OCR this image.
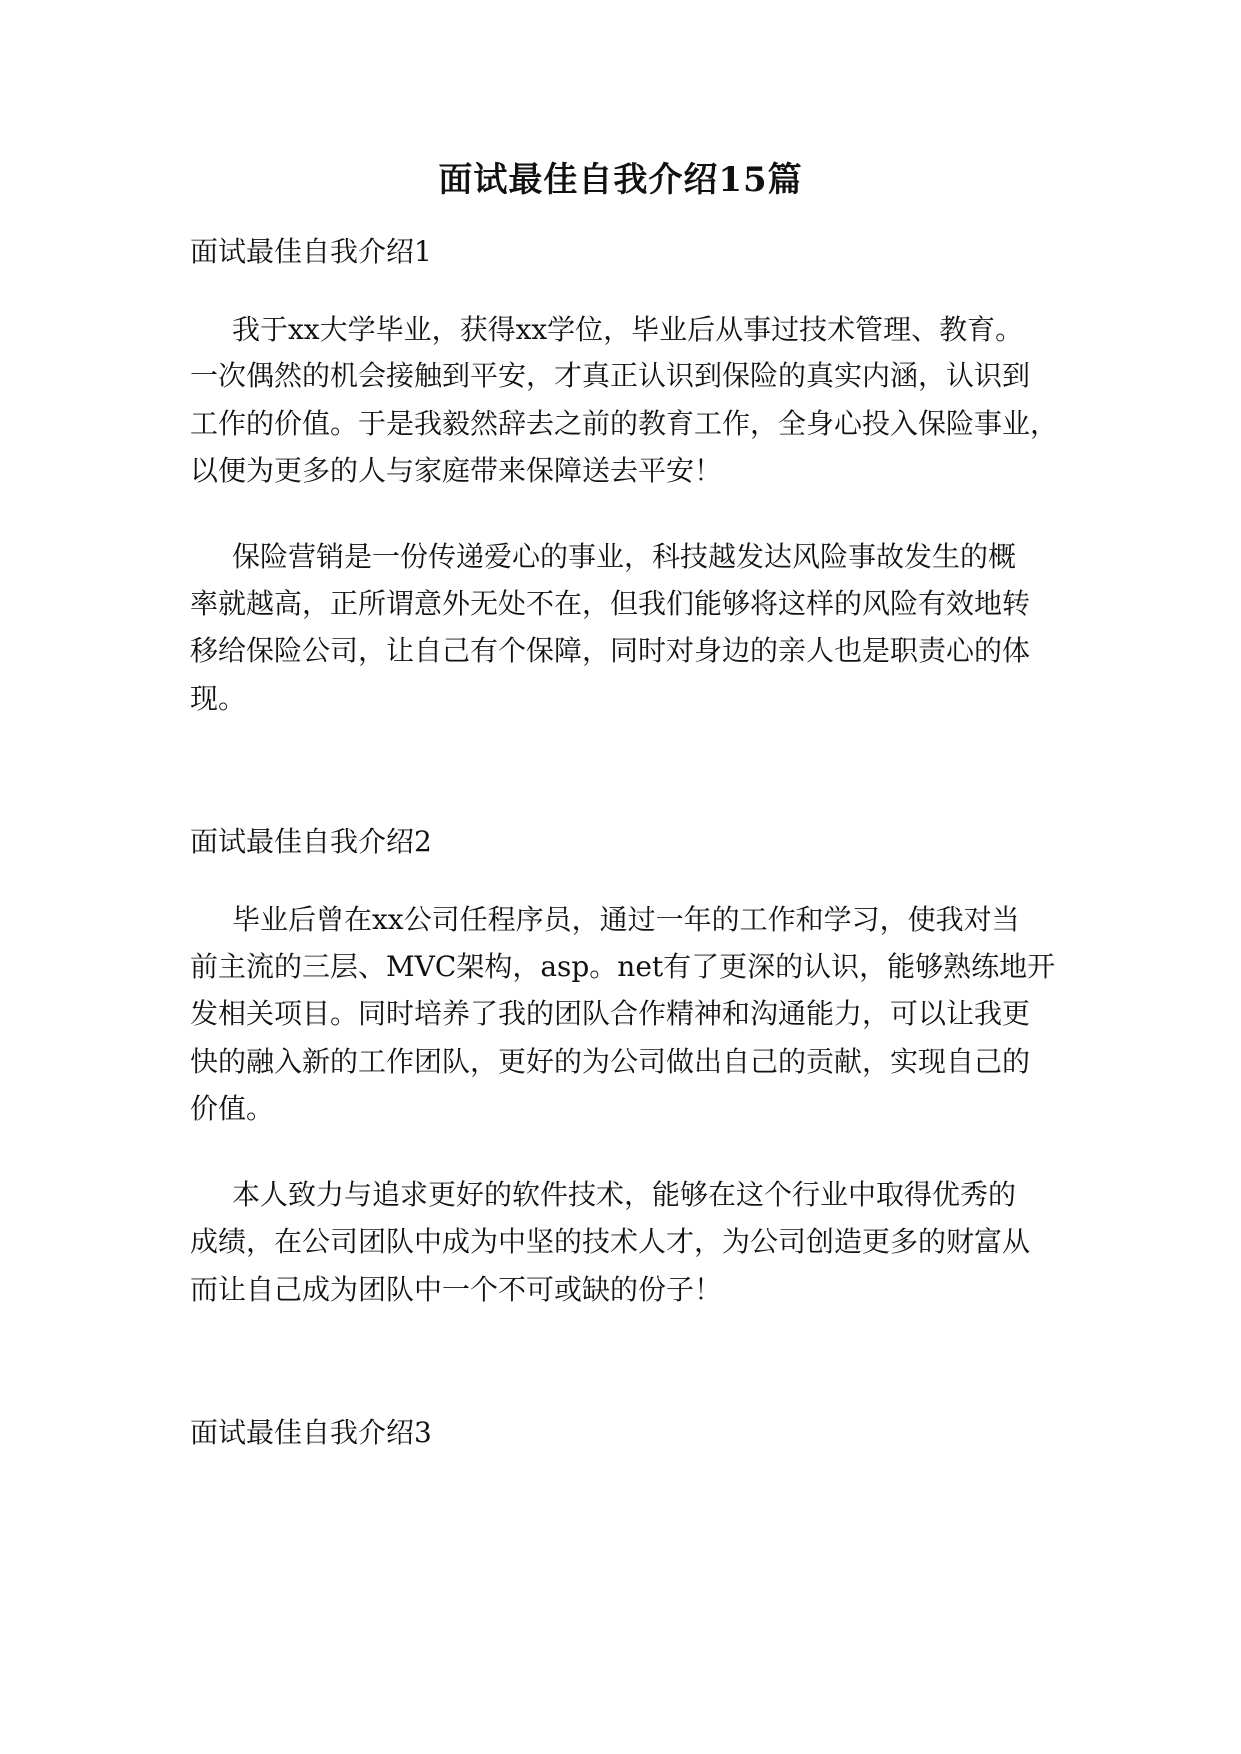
面试最佳自我介绍15篇
面试最佳自我介绍1
我于xx大学毕业，获得xx学位，毕业后从事过技术管理、教育。
一次偶然的机会接触到平安，才真正认识到保险的真实内涵，认识到
工作的价值。于是我毅然辞去之前的教育工作，全身心投入保险事业，
以便为更多的人与家庭带来保障送去平安！
保险营销是一份传递爱心的事业，科技越发达风险事故发生的概
率就越高，正所谓意外无处不在，但我们能够将这样的风险有效地转
移给保险公司，让自己有个保障，同时对身边的亲人也是职责心的体
现。
面试最佳自我介绍2
毕业后曾在xx公司任程序员，通过一年的工作和学习，使我对当
前主流的三层、MVC架构，asp。net有了更深的认识，能够熟练地开
发相关项目。同时培养了我的团队合作精神和沟通能力，可以让我更
快的融入新的工作团队，更好的为公司做出自己的贡献，实现自己的
价值。
本人致力与追求更好的软件技术，能够在这个行业中取得优秀的
成绩，在公司团队中成为中坚的技术人才，为公司创造更多的财富从
而让自己成为团队中一个不可或缺的份子！
面试最佳自我介绍3
